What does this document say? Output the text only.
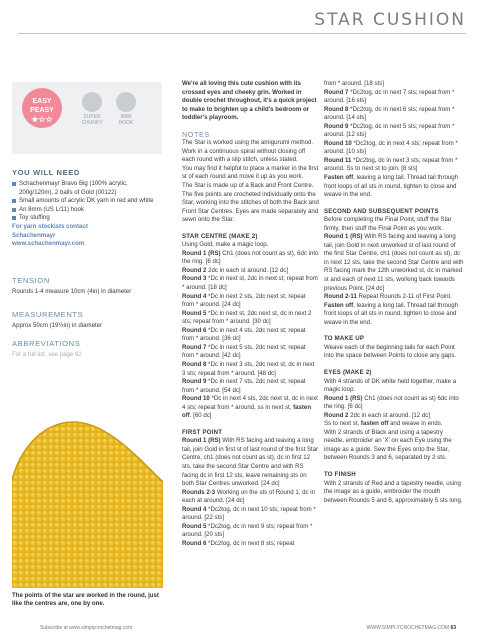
STAR CUSHION
EASY
PEASY
★☆☆	SUPER
CHUNKY
9MM
HOOK
YOU WILL NEED
Schachenmayr Bravo Big (100% acrylic, 200g/120m), 2 balls of Gold (00122)
Small amounts of acrylic DK yarn in red and white
An 8mm (US L/11) hook
Toy stuffing
For yarn stockists contact
Schachenmayr
www.schachenmayr.com
TENSION
Rounds 1-4 measure 10cm (4in) in diameter
MEASUREMENTS
Approx 50cm (19½in) in diameter
ABBREVIATIONS
For a full list, see page 92
The points of the star are worked in the round, just like the centres are, one by one.

We're all loving this cute cushion with its crossed eyes and cheeky grin. Worked in double crochet throughout, it's a quick project to make to brighten up a child's bedroom or toddler's playroom.

NOTES

The Star is worked using the amigurumi method. Work in a continuous spiral without closing off each round with a slip stitch, unless stated.

You may find it helpful to place a marker in the first st of each round and move it up as you work.

The Star is made up of a Back and Front Centre. The five points are crocheted individually onto the Star, working into the stitches of both the Back and Front Star Centres. Eyes are made separately and sewn onto the Star.

STAR CENTRE (MAKE 2)

Using Gold, make a magic loop.

Round 1 (RS) Ch1 (does not count as st), 6dc into the ring. [6 dc]

Round 2 2dc in each st around. [12 dc]

Round 3 *Dc in next st, 2dc in next st; repeat from * around. [18 dc]

Round 4 *Dc in next 2 sts, 2dc next st; repeat from * around. [24 dc]

Round 5 *Dc in next st, 2dc next st, dc in next 2 sts; repeat from * around. [30 dc]

Round 6 *Dc in next 4 sts, 2dc next st; repeat from * around. [36 dc]

Round 7 *Dc in next 5 sts, 2dc next st; repeat from * around. [42 dc]

Round 8 *Dc in next 3 sts, 2dc next st, dc in next 3 sts; repeat from * around. [48 dc]

Round 9 *Dc in next 7 sts, 2dc next st; repeat from * around. [54 dc]

Round 10 *Dc in next 4 sts, 2dc next st, dc in next 4 sts; repeat from * around, ss in next st, fasten off. [60 dc]

FIRST POINT

Round 1 (RS) With RS facing and leaving a long tail, join Gold in first st of last round of the first Star Centre, ch1 (does not count as st), dc in first 12 sts, take the second Star Centre and with RS facing dc in first 12 sts, leave remaining sts on both Star Centres unworked. [24 dc]

Rounds 2-3 Working on the sts of Round 1, dc in each at around. [24 dc]

Round 4 *Dc2tog, dc in next 10 sts; repeat from * around. [22 sts]

Round 5 *Dc2tog, dc in next 9 sts; repeat from * around. [20 sts]

Round 6 *Dc2tog, dc in next 8 sts; repeat

from * around. [18 sts]

Round 7 *Dc2tog, dc in next 7 sts; repeat from * around. [16 sts]

Round 8 *Dc2tog, dc in next 6 sts; repeat from * around. [14 sts]

Round 9 *Dc2tog, dc in next 5 sts; repeat from * around. [12 sts]

Round 10 *Dc2tog, dc in next 4 sts; repeat from * around. [10 sts]

Round 11 *Dc2tog, dc in next 3 sts; repeat from * around. Ss to next st to join. [8 sts]

Fasten off, leaving a long tail. Thread tail through front loops of all sts in round, tighten to close and weave in the end.

SECOND AND SUBSEQUENT POINTS

Before completing the Final Point, stuff the Star firmly, then stuff the Final Point as you work.

Round 1 (RS) With RS facing and leaving a long tail, join Gold in next unworked st of last round of the first Star Centre, ch1 (does not count as st), dc in next 12 sts, take the second Star Centre and with RS facing mark the 12th unworked st, dc in marked st and each of next 11 sts, working back towards previous Point. [24 dc]

Round 2-11 Repeat Rounds 2-11 of First Point.

Fasten off, leaving a long tail. Thread tail through front loops of all sts in round, tighten to close and weave in the end.

TO MAKE UP

Weave each of the beginning tails for each Point into the space between Points to close any gaps.

EYES (MAKE 2)

With 4 strands of DK white held together, make a magic loop.

Round 1 (RS) Ch1 (does not count as st) 6dc into the ring. [6 dc]

Round 2 2dc in each st around. [12 dc]

Ss to next st, fasten off and weave in ends.

With 2 strands of Black and using a tapestry needle, embroider an 'X' on each Eye using the image as a guide. Sew the Eyes onto the Star, between Rounds 3 and 6, separated by 2 sts.

TO FINISH

With 2 strands of Red and a tapestry needle, using the image as a guide, embroider the mouth between Rounds 5 and 6, approximately 5 sts long.

Subscribe at www.simplycrochetmag.com	WWW.SIMPLYCROCHETMAG.COM 63
